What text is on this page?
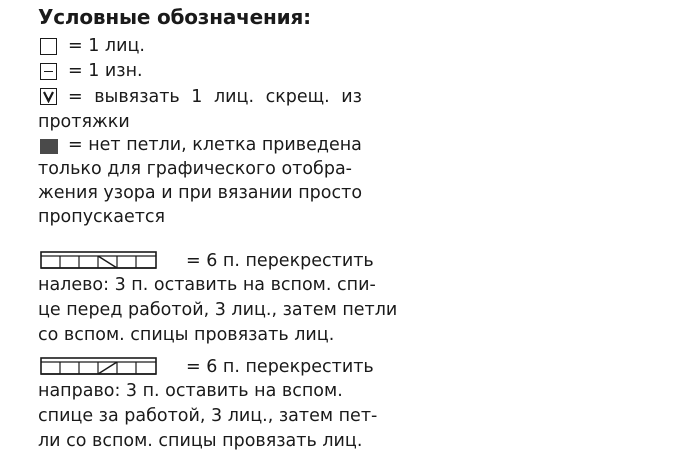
Условные обозначения:
= 1 лиц.
= 1 изн.
= вывязать 1 лиц. скрещ. из
протяжки
= нет петли, клетка приведена
только для графического отобра-
жения узора и при вязании просто
пропускается
= 6 п. перекрестить
налево: 3 п. оставить на вспом. спи-
це перед работой, 3 лиц., затем петли
со вспом. спицы провязать лиц.
= 6 п. перекрестить
направо: 3 п. оставить на вспом.
спице за работой, 3 лиц., затем пет-
ли со вспом. спицы провязать лиц.
